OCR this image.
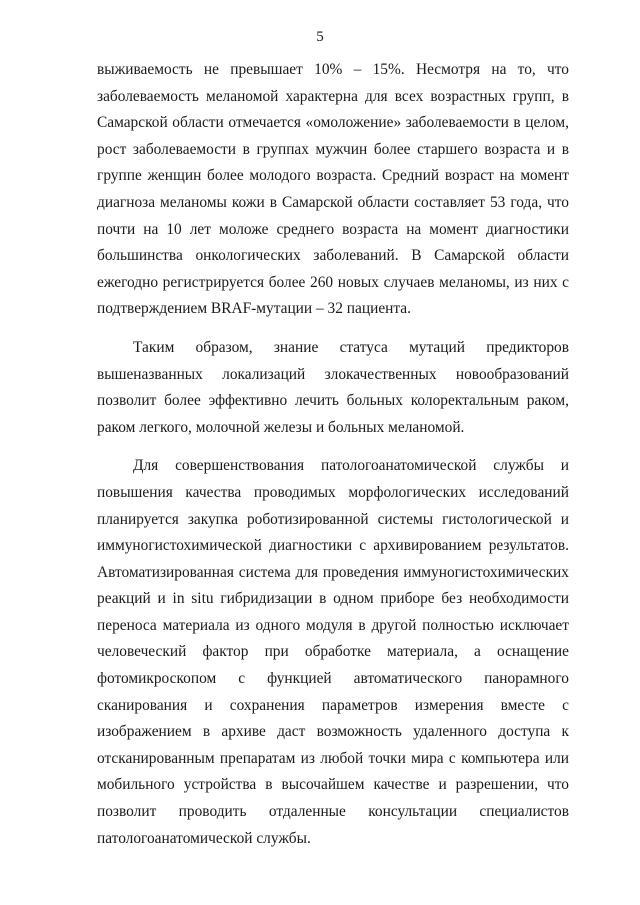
5

выживаемость не превышает 10% – 15%. Несмотря на то, что заболеваемость меланомой характерна для всех возрастных групп, в Самарской области отмечается «омоложение» заболеваемости в целом, рост заболеваемости в группах мужчин более старшего возраста и в группе женщин более молодого возраста. Средний возраст на момент диагноза меланомы кожи в Самарской области составляет 53 года, что почти на 10 лет моложе среднего возраста на момент диагностики большинства онкологических заболеваний. В Самарской области ежегодно регистрируется более 260 новых случаев меланомы, из них с подтверждением BRAF-мутации – 32 пациента.

Таким образом, знание статуса мутаций предикторов вышеназванных локализаций злокачественных новообразований позволит более эффективно лечить больных колоректальным раком, раком легкого, молочной железы и больных меланомой.

Для совершенствования патологоанатомической службы и повышения качества проводимых морфологических исследований планируется закупка роботизированной системы гистологической и иммуногистохимической диагностики с архивированием результатов. Автоматизированная система для проведения иммуногистохимических реакций и in situ гибридизации в одном приборе без необходимости переноса материала из одного модуля в другой полностью исключает человеческий фактор при обработке материала, а оснащение фотомикроскопом с функцией автоматического панорамного сканирования и сохранения параметров измерения вместе с изображением в архиве даст возможность удаленного доступа к отсканированным препаратам из любой точки мира с компьютера или мобильного устройства в высочайшем качестве и разрешении, что позволит проводить отдаленные консультации специалистов патологоанатомической службы.
